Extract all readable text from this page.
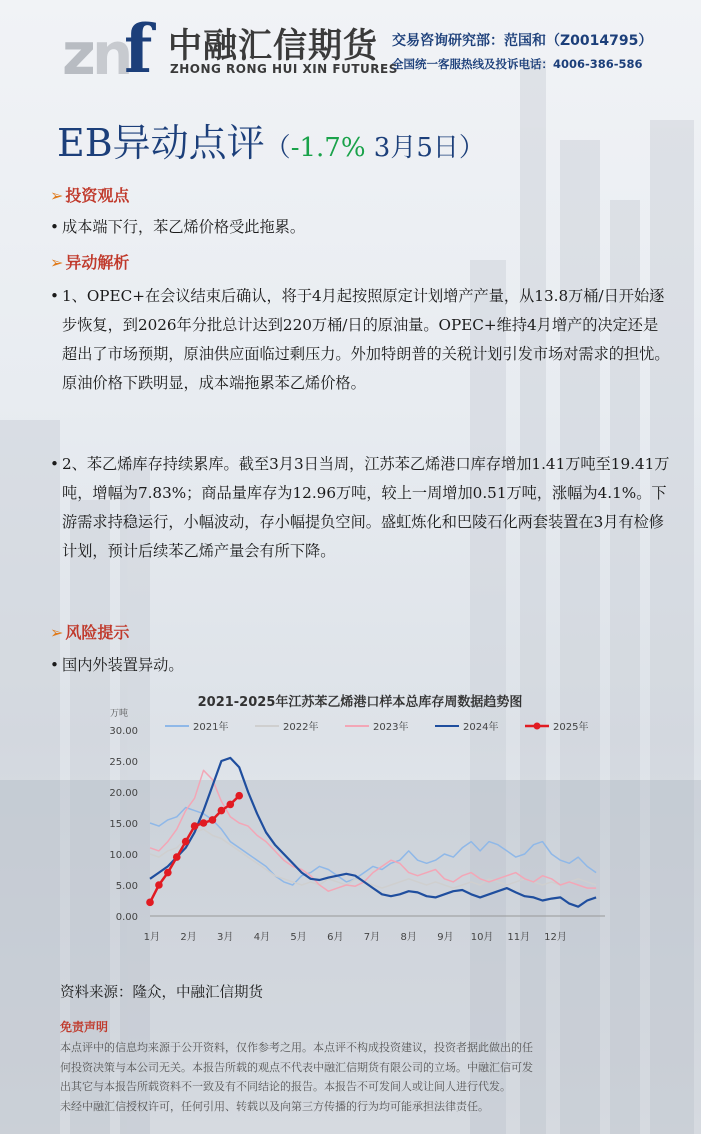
z
n
f 中融汇信期货
ZHONG RONG HUI XIN FUTURES
交易咨询研究部：范国和（Z0014795）
全国统一客服热线及投诉电话：4006-386-586
EB异动点评（-1.7% 3月5日）
➢ 投资观点
• 成本端下行，苯乙烯价格受此拖累。
➢ 异动解析
• 1、OPEC+在会议结束后确认，将于4月起按照原定计划增产产量，从13.8万桶/日开始逐步恢复，到2026年分批总计达到220万桶/日的原油量。OPEC+维持4月增产的决定还是超出了市场预期，原油供应面临过剩压力。外加特朗普的关税计划引发市场对需求的担忧。原油价格下跌明显，成本端拖累苯乙烯价格。
• 2、苯乙烯库存持续累库。截至3月3日当周，江苏苯乙烯港口库存增加1.41万吨至19.41万吨，增幅为7.83%；商品量库存为12.96万吨，较上一周增加0.51万吨，涨幅为4.1%。下游需求持稳运行，小幅波动，存小幅提负空间。盛虹炼化和巴陵石化两套装置在3月有检修计划，预计后续苯乙烯产量会有所下降。
➢ 风险提示
• 国内外装置异动。
2021-2025年江苏苯乙烯港口样本总库存周数据趋势图
万吨
0.00
5.00
10.00
15.00
20.00
25.00
30.00
1月 2月 3月 4月 5月 6月 7月 8月 9月 10月 11月 12月
2021年	2022年	2023年	2024年	2025年
资料来源：隆众，中融汇信期货
免责声明
本点评中的信息均来源于公开资料，仅作参考之用。本点评不构成投资建议，投资者据此做出的任
何投资决策与本公司无关。本报告所载的观点不代表中融汇信期货有限公司的立场。中融汇信可发
出其它与本报告所载资料不一致及有不同结论的报告。本报告不可发间人或让间人进行代发。
未经中融汇信授权许可，任何引用、转载以及向第三方传播的行为均可能承担法律责任。
